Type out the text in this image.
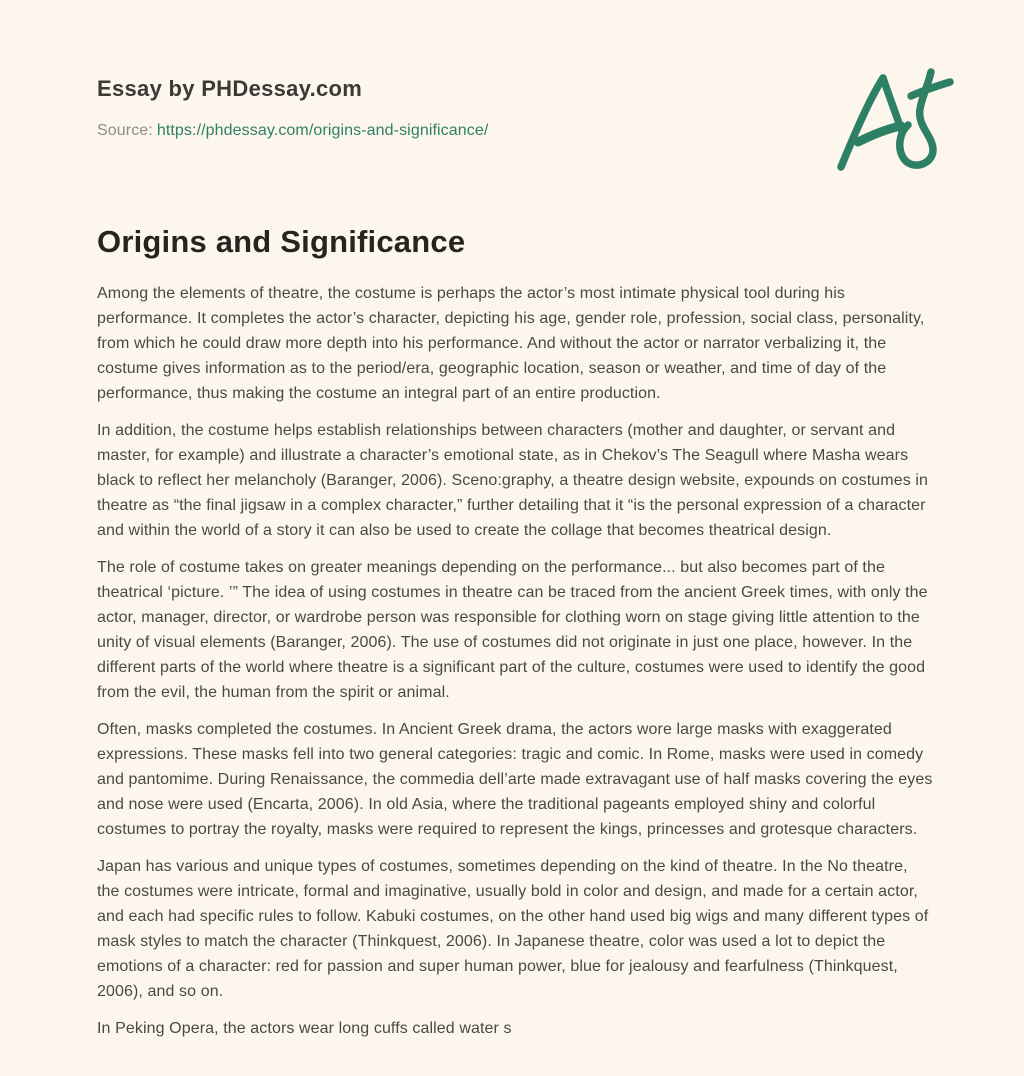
Essay by PHDessay.com
Source: https://phdessay.com/origins-and-significance/
Origins and Significance

Among the elements of theatre, the costume is perhaps the actor’s most intimate physical tool during his performance. It completes the actor’s character, depicting his age, gender role, profession, social class, personality, from which he could draw more depth into his performance. And without the actor or narrator verbalizing it, the costume gives information as to the period/era, geographic location, season or weather, and time of day of the performance, thus making the costume an integral part of an entire production.

In addition, the costume helps establish relationships between characters (mother and daughter, or servant and master, for example) and illustrate a character’s emotional state, as in Chekov’s The Seagull where Masha wears black to reflect her melancholy (Baranger, 2006). Sceno:graphy, a theatre design website, expounds on costumes in theatre as “the final jigsaw in a complex character,” further detailing that it “is the personal expression of a character and within the world of a story it can also be used to create the collage that becomes theatrical design.

The role of costume takes on greater meanings depending on the performance... but also becomes part of the theatrical ‘picture. ’” The idea of using costumes in theatre can be traced from the ancient Greek times, with only the actor, manager, director, or wardrobe person was responsible for clothing worn on stage giving little attention to the unity of visual elements (Baranger, 2006). The use of costumes did not originate in just one place, however. In the different parts of the world where theatre is a significant part of the culture, costumes were used to identify the good from the evil, the human from the spirit or animal.

Often, masks completed the costumes. In Ancient Greek drama, the actors wore large masks with exaggerated expressions. These masks fell into two general categories: tragic and comic. In Rome, masks were used in comedy and pantomime. During Renaissance, the commedia dell’arte made extravagant use of half masks covering the eyes and nose were used (Encarta, 2006). In old Asia, where the traditional pageants employed shiny and colorful costumes to portray the royalty, masks were required to represent the kings, princesses and grotesque characters.

Japan has various and unique types of costumes, sometimes depending on the kind of theatre. In the No theatre, the costumes were intricate, formal and imaginative, usually bold in color and design, and made for a certain actor, and each had specific rules to follow. Kabuki costumes, on the other hand used big wigs and many different types of mask styles to match the character (Thinkquest, 2006). In Japanese theatre, color was used a lot to depict the emotions of a character: red for passion and super human power, blue for jealousy and fearfulness (Thinkquest, 2006), and so on.

In Peking Opera, the actors wear long cuffs called water s
